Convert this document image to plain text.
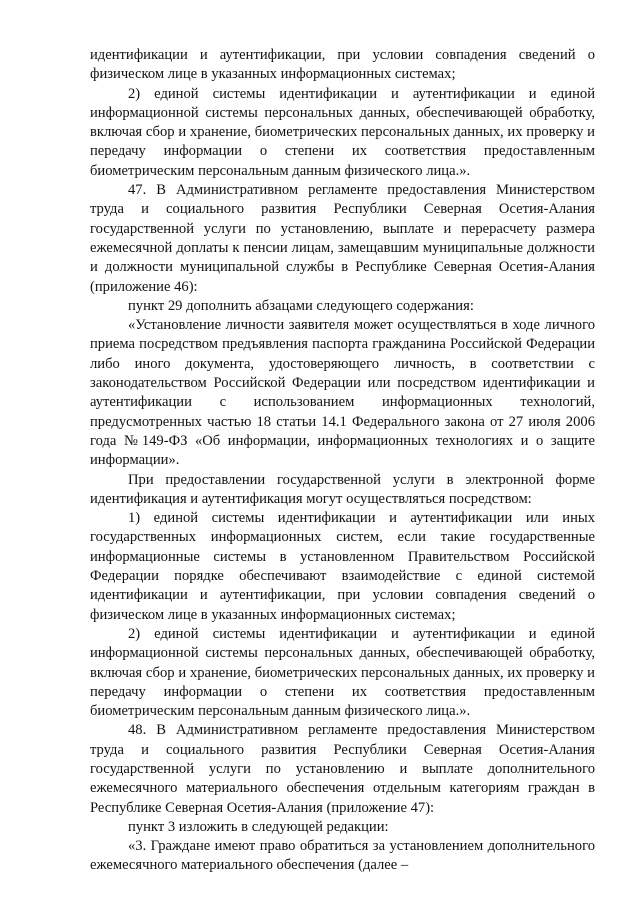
идентификации и аутентификации, при условии совпадения сведений о физическом лице в указанных информационных системах;

2) единой системы идентификации и аутентификации и единой информационной системы персональных данных, обеспечивающей обработку, включая сбор и хранение, биометрических персональных данных, их проверку и передачу информации о степени их соответствия предоставленным биометрическим персональным данным физического лица.».

47. В Административном регламенте предоставления Министерством труда и социального развития Республики Северная Осетия-Алания государственной услуги по установлению, выплате и перерасчету размера ежемесячной доплаты к пенсии лицам, замещавшим муниципальные должности и должности муниципальной службы в Республике Северная Осетия-Алания (приложение 46):

пункт 29 дополнить абзацами следующего содержания:

«Установление личности заявителя может осуществляться в ходе личного приема посредством предъявления паспорта гражданина Российской Федерации либо иного документа, удостоверяющего личность, в соответствии с законодательством Российской Федерации или посредством идентификации и аутентификации с использованием информационных технологий, предусмотренных частью 18 статьи 14.1 Федерального закона от 27 июля 2006 года №149-ФЗ «Об информации, информационных технологиях и о защите информации».

При предоставлении государственной услуги в электронной форме идентификация и аутентификация могут осуществляться посредством:

1) единой системы идентификации и аутентификации или иных государственных информационных систем, если такие государственные информационные системы в установленном Правительством Российской Федерации порядке обеспечивают взаимодействие с единой системой идентификации и аутентификации, при условии совпадения сведений о физическом лице в указанных информационных системах;

2) единой системы идентификации и аутентификации и единой информационной системы персональных данных, обеспечивающей обработку, включая сбор и хранение, биометрических персональных данных, их проверку и передачу информации о степени их соответствия предоставленным биометрическим персональным данным физического лица.».

48. В Административном регламенте предоставления Министерством труда и социального развития Республики Северная Осетия-Алания государственной услуги по установлению и выплате дополнительного ежемесячного материального обеспечения отдельным категориям граждан в Республике Северная Осетия-Алания (приложение 47):

пункт 3 изложить в следующей редакции:

«3. Граждане имеют право обратиться за установлением дополнительного ежемесячного материального обеспечения (далее –
